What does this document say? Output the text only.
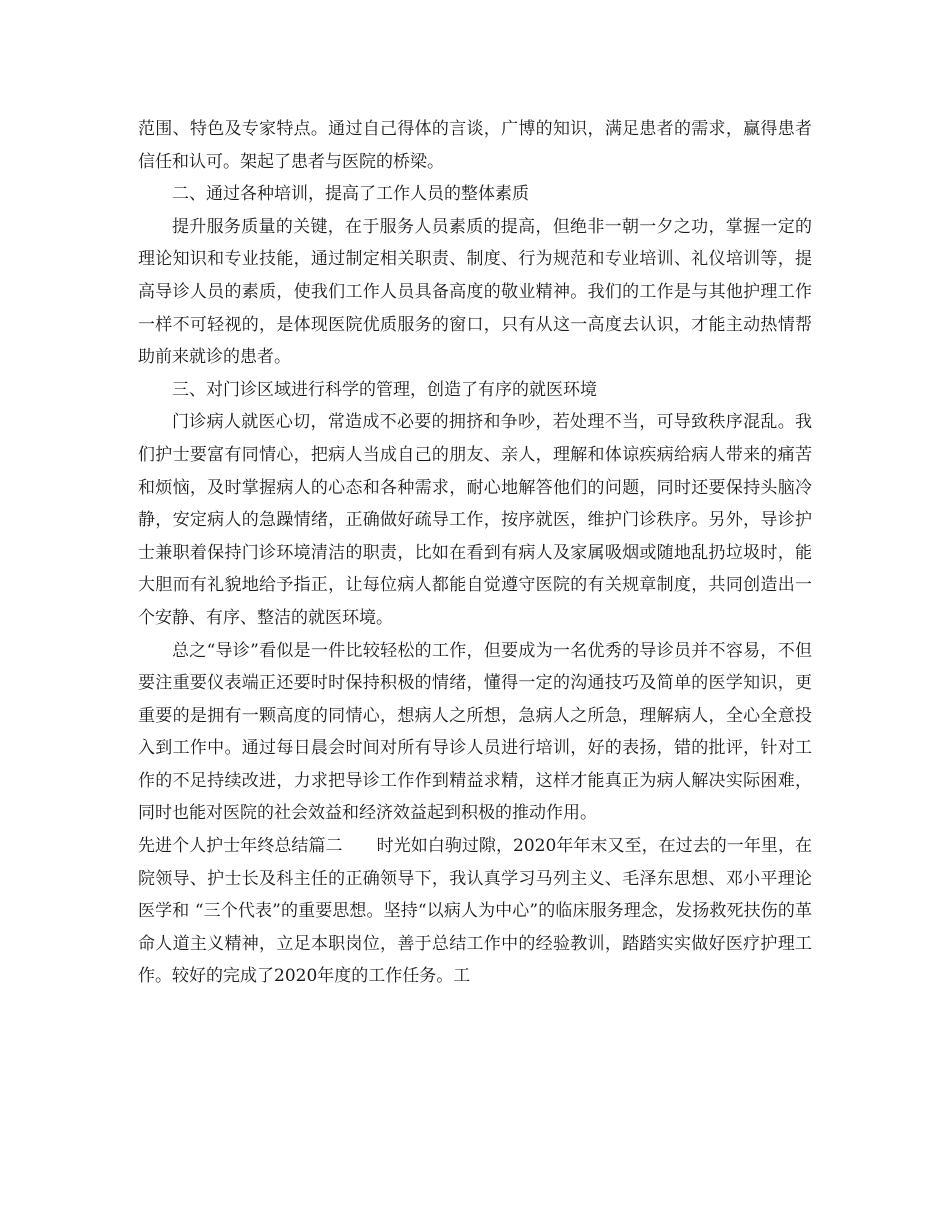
范围、特色及专家特点。通过自己得体的言谈，广博的知识，满足患者的需求，赢得患者信任和认可。架起了患者与医院的桥梁。

二、通过各种培训，提高了工作人员的整体素质

提升服务质量的关键，在于服务人员素质的提高，但绝非一朝一夕之功，掌握一定的理论知识和专业技能，通过制定相关职责、制度、行为规范和专业培训、礼仪培训等，提高导诊人员的素质，使我们工作人员具备高度的敬业精神。我们的工作是与其他护理工作一样不可轻视的，是体现医院优质服务的窗口，只有从这一高度去认识，才能主动热情帮助前来就诊的患者。

三、对门诊区域进行科学的管理，创造了有序的就医环境

门诊病人就医心切，常造成不必要的拥挤和争吵，若处理不当，可导致秩序混乱。我们护士要富有同情心，把病人当成自己的朋友、亲人，理解和体谅疾病给病人带来的痛苦和烦恼，及时掌握病人的心态和各种需求，耐心地解答他们的问题，同时还要保持头脑冷静，安定病人的急躁情绪，正确做好疏导工作，按序就医，维护门诊秩序。另外，导诊护士兼职着保持门诊环境清洁的职责，比如在看到有病人及家属吸烟或随地乱扔垃圾时，能大胆而有礼貌地给予指正，让每位病人都能自觉遵守医院的有关规章制度，共同创造出一个安静、有序、整洁的就医环境。

总之“导诊”看似是一件比较轻松的工作，但要成为一名优秀的导诊员并不容易，不但要注重要仪表端正还要时时保持积极的情绪，懂得一定的沟通技巧及简单的医学知识，更重要的是拥有一颗高度的同情心，想病人之所想，急病人之所急，理解病人，全心全意投入到工作中。通过每日晨会时间对所有导诊人员进行培训，好的表扬，错的批评，针对工作的不足持续改进，力求把导诊工作作到精益求精，这样才能真正为病人解决实际困难，同时也能对医院的社会效益和经济效益起到积极的推动作用。

先进个人护士年终总结篇二　　时光如白驹过隙，2020年年末又至，在过去的一年里，在院领导、护士长及科主任的正确领导下，我认真学习马列主义、毛泽东思想、邓小平理论医学和 “三个代表”的重要思想。坚持“以病人为中心”的临床服务理念，发扬救死扶伤的革命人道主义精神，立足本职岗位，善于总结工作中的经验教训，踏踏实实做好医疗护理工作。较好的完成了2020年度的工作任务。工
